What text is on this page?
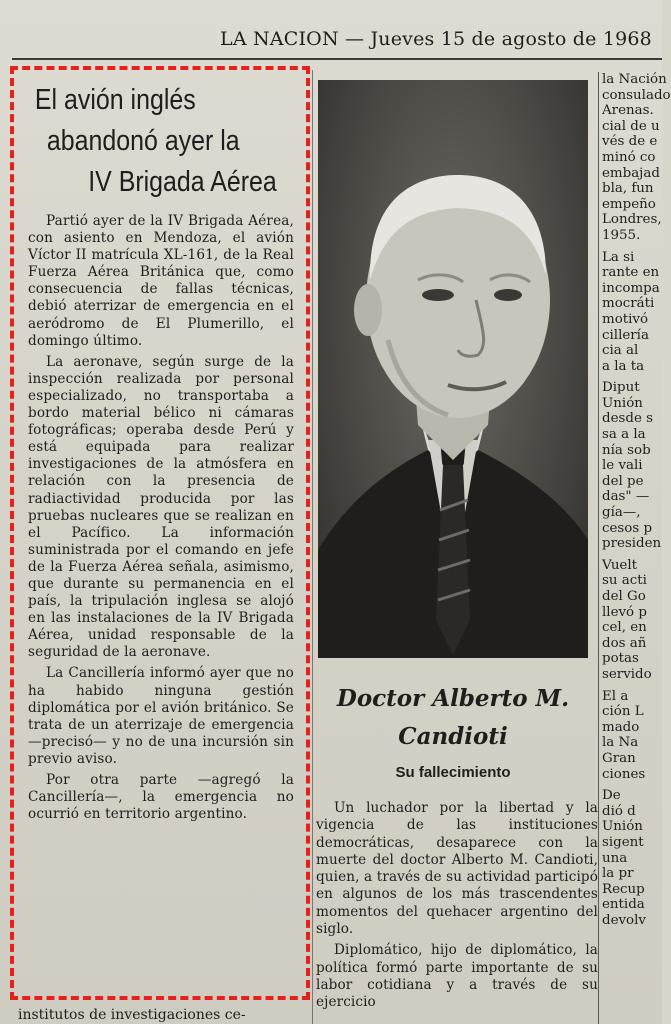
LA NACION — Jueves 15 de agosto de 1968
El avión inglés
abandonó ayer la
IV Brigada Aérea

Partió ayer de la IV Brigada Aérea, con asiento en Mendoza, el avión Víctor II matrícula XL-161, de la Real Fuerza Aérea Británica que, como consecuencia de fallas técnicas, debió aterrizar de emergencia en el aeródromo de El Plumerillo, el domingo último.

La aeronave, según surge de la inspección realizada por personal especializado, no transportaba a bordo material bélico ni cámaras fotográficas; operaba desde Perú y está equipada para realizar investigaciones de la atmósfera en relación con la presencia de radiactividad producida por las pruebas nucleares que se realizan en el Pacífico. La información suministrada por el comando en jefe de la Fuerza Aérea señala, asimismo, que durante su permanencia en el país, la tripulación inglesa se alojó en las instalaciones de la IV Brigada Aérea, unidad responsable de la seguridad de la aeronave.

La Cancillería informó ayer que no ha habido ninguna gestión diplomática por el avión británico. Se trata de un aterrizaje de emergencia —precisó— y no de una incursión sin previo aviso.

Por otra parte —agregó la Cancillería—, la emergencia no ocurrió en territorio argentino.

institutos de investigaciones ce-
Doctor Alberto M.
Candioti
Su fallecimiento

Un luchador por la libertad y la vigencia de las instituciones democráticas, desaparece con la muerte del doctor Alberto M. Candioti, quien, a través de su actividad participó en algunos de los más trascendentes momentos del quehacer argentino del siglo.

Diplomático, hijo de diplomático, la política formó parte importante de su labor cotidiana y a través de su ejercicio

la Nación
consulado
Arenas.
cial de u
vés de e
minó co
embajad
bla, fun
empeño
Londres,
1955.
La si
rante en
incompa
mocráti
motivó
cillería
cia al
a la ta
Diput
Unión
desde s
sa a la
nía sob
le vali
del pe
das" —
gía—,
cesos p
presiden
Vuelt
su acti
del Go
llevó p
cel, en
dos añ
potas
servido
El a
ción L
mado
la Na
Gran
ciones
De
dió d
Unión
sigent
una
la pr
Recup
entida
devolv
